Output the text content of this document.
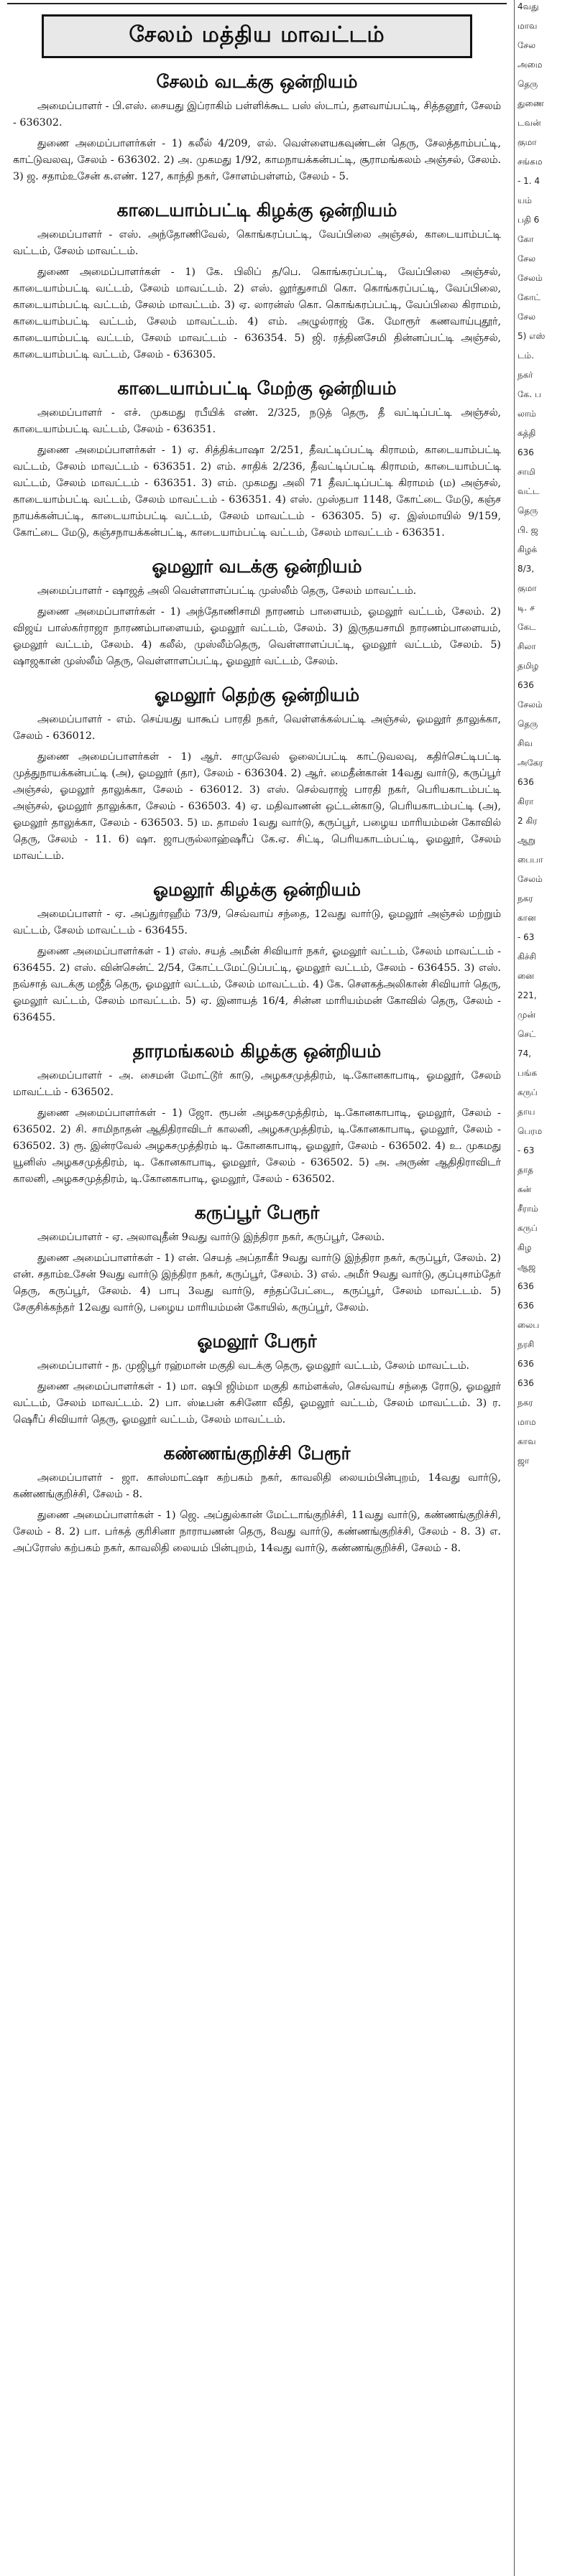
சேலம் மத்திய மாவட்டம்
சேலம் வடக்கு ஒன்றியம்

அமைப்பாளர் - பி.எஸ். சையது இப்ராகிம் பள்ளிக்கூட பஸ் ஸ்டாப், தளவாய்பட்டி, சித்தனூர், சேலம் - 636302.

துணை அமைப்பாளர்கள் - 1) கலீல் 4/209, எல். வெள்ளையகவுண்டன் தெரு, சேலத்தாம்பட்டி, காட்டுவலவு, சேலம் - 636302. 2) அ. முகமது 1/92, காமநாயக்கன்பட்டி, சூராமங்கலம் அஞ்சல், சேலம். 3) ஜ. சதாம்உசேன் க.எண். 127, காந்தி நகர், சோளம்பள்ளம், சேலம் - 5.

காடையாம்பட்டி கிழக்கு ஒன்றியம்

அமைப்பாளர் - எஸ். அந்தோணிவேல், கொங்கரப்பட்டி, வேப்பிலை அஞ்சல், காடையாம்பட்டி வட்டம், சேலம் மாவட்டம்.

துணை அமைப்பாளர்கள் - 1) கே. பிலிப் த/பெ. கொங்கரப்பட்டி, வேப்பிலை அஞ்சல், காடையாம்பட்டி வட்டம், சேலம் மாவட்டம். 2) எஸ். லூர்துசாமி கொ. கொங்கரப்பட்டி, வேப்பிலை, காடையாம்பட்டி வட்டம், சேலம் மாவட்டம். 3) ஏ. லாரன்ஸ் கொ. கொங்கரப்பட்டி, வேப்பிலை கிராமம், காடையாம்பட்டி வட்டம், சேலம் மாவட்டம். 4) எம். அழுல்ராஜ் கே. மோரூர் கணவாய்புதூர், காடையாம்பட்டி வட்டம், சேலம் மாவட்டம் - 636354. 5) ஜி. ரத்தினசேமி தின்னப்பட்டி அஞ்சல், காடையாம்பட்டி வட்டம், சேலம் - 636305.

காடையாம்பட்டி மேற்கு ஒன்றியம்

அமைப்பாளர் - எச். முகமது ரபீயிக் எண். 2/325, நடுத் தெரு, தீ வட்டிப்பட்டி அஞ்சல், காடையாம்பட்டி வட்டம், சேலம் - 636351.

துணை அமைப்பாளர்கள் - 1) ஏ. சித்திக்பாஷா 2/251, தீவட்டிப்பட்டி கிராமம், காடையாம்பட்டி வட்டம், சேலம் மாவட்டம் - 636351. 2) எம். சாதிக் 2/236, தீவட்டிப்பட்டி கிராமம், காடையாம்பட்டி வட்டம், சேலம் மாவட்டம் - 636351. 3) எம். முகமது அலி 71 தீவட்டிப்பட்டி கிராமம் (ம) அஞ்சல், காடையாம்பட்டி வட்டம், சேலம் மாவட்டம் - 636351. 4) எஸ். முஸ்தபா 1148, கோட்டை மேடு, கஞ்ச நாயக்கன்பட்டி, காடையாம்பட்டி வட்டம், சேலம் மாவட்டம் - 636305. 5) ஏ. இஸ்மாயில் 9/159, கோட்டை மேடு, கஞ்சநாயக்கன்பட்டி, காடையாம்பட்டி வட்டம், சேலம் மாவட்டம் - 636351.

ஓமலூர் வடக்கு ஒன்றியம்

அமைப்பாளர் - ஷாஜத் அலி வெள்ளாளப்பட்டி முஸ்லீம் தெரு, சேலம் மாவட்டம்.

துணை அமைப்பாளர்கள் - 1) அந்தோணிசாமி நாரணம் பாளையம், ஓமலூர் வட்டம், சேலம். 2) விஜய் பாஸ்கர்ராஜா நாரணம்பாளையம், ஓமலூர் வட்டம், சேலம். 3) இருதயசாமி நாரணம்பாளையம், ஓமலூர் வட்டம், சேலம். 4) கலீல், முஸ்லீம்தெரு, வெள்ளாளப்பட்டி, ஓமலூர் வட்டம், சேலம். 5) ஷாஜகான் முஸ்லீம் தெரு, வெள்ளாளப்பட்டி, ஓமலூர் வட்டம், சேலம்.

ஓமலூர் தெற்கு ஒன்றியம்

அமைப்பாளர் - எம். செய்யது யாகூப் பாரதி நகர், வெள்ளக்கல்பட்டி அஞ்சல், ஓமலூர் தாலுக்கா, சேலம் - 636012.

துணை அமைப்பாளர்கள் - 1) ஆர். சாமுவேல் ஓலைப்பட்டி காட்டுவலவு, கதிர்செட்டிபட்டி முத்துநாயக்கன்பட்டி (அ), ஓமலூர் (தா), சேலம் - 636304. 2) ஆர். மைதீன்கான் 14வது வார்டு, கருப்பூர் அஞ்சல், ஓமலூர் தாலுக்கா, சேலம் - 636012. 3) எஸ். செல்வராஜ் பாரதி நகர், பெரியகாடம்பட்டி அஞ்சல், ஓமலூர் தாலுக்கா, சேலம் - 636503. 4) ஏ. மதிவாணன் ஒட்டன்காடு, பெரியகாடம்பட்டி (அ), ஓமலூர் தாலுக்கா, சேலம் - 636503. 5) ம. தாமஸ் 1வது வார்டு, கருப்பூர், பழைய மாரியம்மன் கோவில் தெரு, சேலம் - 11. 6) ஷா. ஜாபருல்லாஹ்ஷரீப் கே.ஏ. சிட்டி, பெரியகாடம்பட்டி, ஓமலூர், சேலம் மாவட்டம்.

ஓமலூர் கிழக்கு ஒன்றியம்

அமைப்பாளர் - ஏ. அப்துர்ரஹீம் 73/9, செவ்வாய் சந்தை, 12வது வார்டு, ஓமலூர் அஞ்சல் மற்றும் வட்டம், சேலம் மாவட்டம் - 636455.

துணை அமைப்பாளர்கள் - 1) எஸ். சயத் அமீன் சிவியார் நகர், ஓமலூர் வட்டம், சேலம் மாவட்டம் - 636455. 2) எஸ். வின்சென்ட் 2/54, கோட்டமேட்டுப்பட்டி, ஓமலூர் வட்டம், சேலம் - 636455. 3) எஸ். நவ்சாத் வடக்கு மஜீத் தெரு, ஓமலூர் வட்டம், சேலம் மாவட்டம். 4) கே. சௌகத்அலிகான் சிவியார் தெரு, ஓமலூர் வட்டம், சேலம் மாவட்டம். 5) ஏ. இனாயத் 16/4, சின்ன மாரியம்மன் கோவில் தெரு, சேலம் - 636455.

தாரமங்கலம் கிழக்கு ஒன்றியம்

அமைப்பாளர் - அ. சைமன் மோட்டூர் காடு, அழகசமுத்திரம், டி.கோனகாபாடி, ஓமலூர், சேலம் மாவட்டம் - 636502.

துணை அமைப்பாளர்கள் - 1) ஜோ. ரூபன் அழகசமுத்திரம், டி.கோனகாபாடி, ஓமலூர், சேலம் - 636502. 2) சி. சாமிநாதன் ஆதிதிராவிடர் காலனி, அழகசமுத்திரம், டி.கோனகாபாடி, ஓமலூர், சேலம் - 636502. 3) ரூ. இன்ரவேல் அழகசமுத்திரம் டி. கோனகாபாடி, ஓமலூர், சேலம் - 636502. 4) உ. முகமது யூனிஸ் அழகசமுத்திரம், டி. கோனகாபாடி, ஓமலூர், சேலம் - 636502. 5) அ. அருண் ஆதிதிராவிடர் காலனி, அழகசமுத்திரம், டி.கோனகாபாடி, ஓமலூர், சேலம் - 636502.

கருப்பூர் பேரூர்

அமைப்பாளர் - ஏ. அலாவுதீன் 9வது வார்டு இந்திரா நகர், கருப்பூர், சேலம்.

துணை அமைப்பாளர்கள் - 1) என். செயத் அப்தாகீர் 9வது வார்டு இந்திரா நகர், கருப்பூர், சேலம். 2) என். சதாம்உசேன் 9வது வார்டு இந்திரா நகர், கருப்பூர், சேலம். 3) எல். அமீர் 9வது வார்டு, குப்புசாம்தேர் தெரு, கருப்பூர், சேலம். 4) பாபு 3வது வார்டு, சந்தப்பேட்டை, கருப்பூர், சேலம் மாவட்டம். 5) சேகுசிக்கந்தர் 12வது வார்டு, பழைய மாரியம்மன் கோயில், கருப்பூர், சேலம்.

ஓமலூர் பேரூர்

அமைப்பாளர் - ந. முஜிபூர் ரஹ்மான் மகுதி வடக்கு தெரு, ஓமலூர் வட்டம், சேலம் மாவட்டம்.

துணை அமைப்பாளர்கள் - 1) மா. ஷபி ஜிம்மா மகுதி காம்ளக்ஸ், செவ்வாய் சந்தை ரோடு, ஓமலூர் வட்டம், சேலம் மாவட்டம். 2) பா. ஸ்டீபன் கசினோ வீதி, ஓமலூர் வட்டம், சேலம் மாவட்டம். 3) ர. ஷெரீப் சிவியார் தெரு, ஓமலூர் வட்டம், சேலம் மாவட்டம்.

கண்ணங்குறிச்சி பேரூர்

அமைப்பாளர் - ஜா. காஸ்மாட்ஷா கற்பகம் நகர், காவலிதி லையம்பின்புறம், 14வது வார்டு, கண்ணங்குறிச்சி, சேலம் - 8.

துணை அமைப்பாளர்கள் - 1) ஜெ. அப்துல்கான் மேட்டாங்குறிச்சி, 11வது வார்டு, கண்ணங்குறிச்சி, சேலம் - 8. 2) பா. பர்கத் குரிசினா நாராயணன் தெரு, 8வது வார்டு, கண்ணங்குறிச்சி, சேலம் - 8. 3) எ. அப்ரோஸ் கற்பகம் நகர், காவலிதி லையம் பின்புறம், 14வது வார்டு, கண்ணங்குறிச்சி, சேலம் - 8.

4வது

மாவ

சேல

அமை

தெரு

துணை

டவன்

குமா

சங்கம

- 1. 4

யம்

பதி 6

கோ

சேல

சேலம்

கோட்

சேல

5) எஸ்

டம்.

நகர்

கே. ப

லாம்

கத்தி

636

சாமி

வட்ட

தெரு

பி. ஜ

கிழக்

8/3,

குமா

டி. ச

கேட

சிலா

தமிழ

636

சேலம்

தெரு

சிவ

அகேர

636

கிரா

2 கிர

ஆறு

பைபா

சேலம்

நகர

கான

- 63

கிச்சி

னை

221,

முன்

செட்

74,

பங்க

கருப்

தாய

பெரம

- 63

தாத

கன்

சீராம்

கருப்

கிழ

ஆஜ

636

636

லைப

நரசி

636

636

நகர

மாம

காவ

ஜா
